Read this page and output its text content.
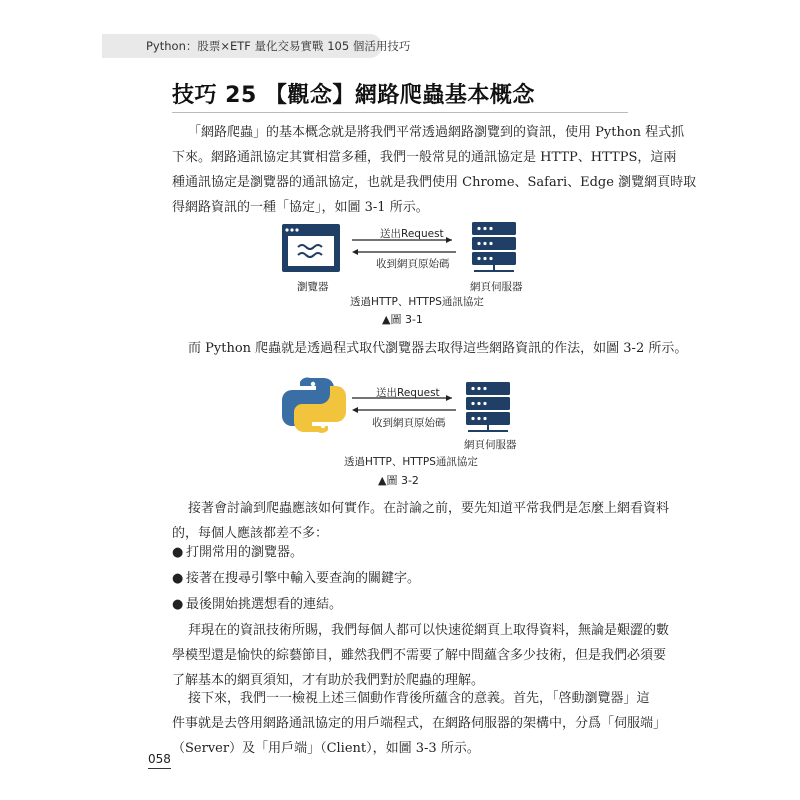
Python：股票×ETF 量化交易實戰 105 個活用技巧
技巧 25 【觀念】網路爬蟲基本概念

「網路爬蟲」的基本概念就是將我們平常透過網路瀏覽到的資訊，使用 Python 程式抓
下來。網路通訊協定其實相當多種，我們一般常見的通訊協定是 HTTP、HTTPS，這兩
種通訊協定是瀏覽器的通訊協定，也就是我們使用 Chrome、Safari、Edge 瀏覽網頁時取
得網路資訊的一種「協定」，如圖 3-1 所示。

送出Request
收到網頁原始碼
瀏覽器	網頁伺服器
透過HTTP、HTTPS通訊協定
▲圖 3-1

而 Python 爬蟲就是透過程式取代瀏覽器去取得這些網路資訊的作法，如圖 3-2 所示。

送出Request
收到網頁原始碼
網頁伺服器
透過HTTP、HTTPS通訊協定
▲圖 3-2

接著會討論到爬蟲應該如何實作。在討論之前，要先知道平常我們是怎麼上網看資料
的，每個人應該都差不多：

● 打開常用的瀏覽器。
● 接著在搜尋引擎中輸入要查詢的關鍵字。
● 最後開始挑選想看的連結。

拜現在的資訊技術所賜，我們每個人都可以快速從網頁上取得資料，無論是艱澀的數
學模型還是愉快的綜藝節目，雖然我們不需要了解中間蘊含多少技術，但是我們必須要
了解基本的網頁須知，才有助於我們對於爬蟲的理解。

接下來，我們一一檢視上述三個動作背後所蘊含的意義。首先，「啓動瀏覽器」這
件事就是去啓用網路通訊協定的用戶端程式，在網路伺服器的架構中，分爲「伺服端」
（Server）及「用戶端」（Client），如圖 3-3 所示。

058
